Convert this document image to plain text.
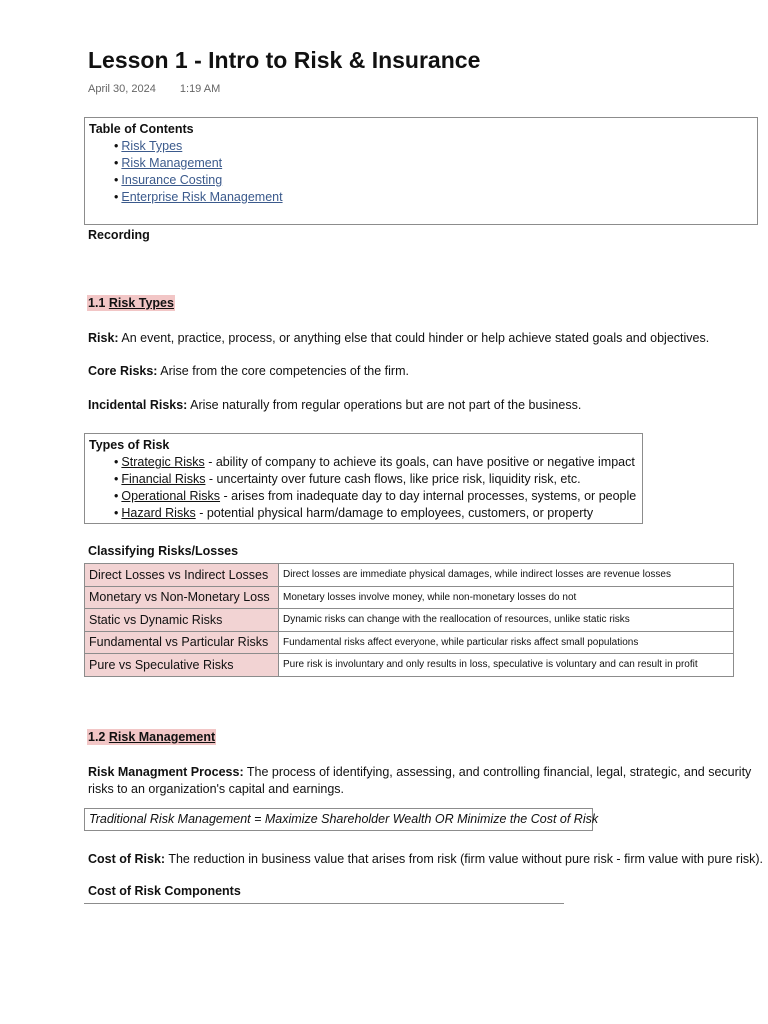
Lesson 1 - Intro to Risk & Insurance
April 30, 2024 1:19 AM
Table of Contents
• Risk Types
• Risk Management
• Insurance Costing
• Enterprise Risk Management
Recording
1.1 Risk Types
Risk: An event, practice, process, or anything else that could hinder or help achieve stated goals and objectives.
Core Risks: Arise from the core competencies of the firm.
Incidental Risks: Arise naturally from regular operations but are not part of the business.
Types of Risk
• Strategic Risks - ability of company to achieve its goals, can have positive or negative impact
• Financial Risks - uncertainty over future cash flows, like price risk, liquidity risk, etc.
• Operational Risks - arises from inadequate day to day internal processes, systems, or people
• Hazard Risks - potential physical harm/damage to employees, customers, or property
Classifying Risks/Losses
Direct Losses vs Indirect Losses	Direct losses are immediate physical damages, while indirect losses are revenue losses
Monetary vs Non-Monetary Loss	Monetary losses involve money, while non-monetary losses do not
Static vs Dynamic Risks	Dynamic risks can change with the reallocation of resources, unlike static risks
Fundamental vs Particular Risks	Fundamental risks affect everyone, while particular risks affect small populations
Pure vs Speculative Risks	Pure risk is involuntary and only results in loss, speculative is voluntary and can result in profit
1.2 Risk Management
Risk Managment Process: The process of identifying, assessing, and controlling financial, legal, strategic, and security risks to an organization's capital and earnings.
Traditional Risk Management = Maximize Shareholder Wealth OR Minimize the Cost of Risk
Cost of Risk: The reduction in business value that arises from risk (firm value without pure risk - firm value with pure risk).
Cost of Risk Components
